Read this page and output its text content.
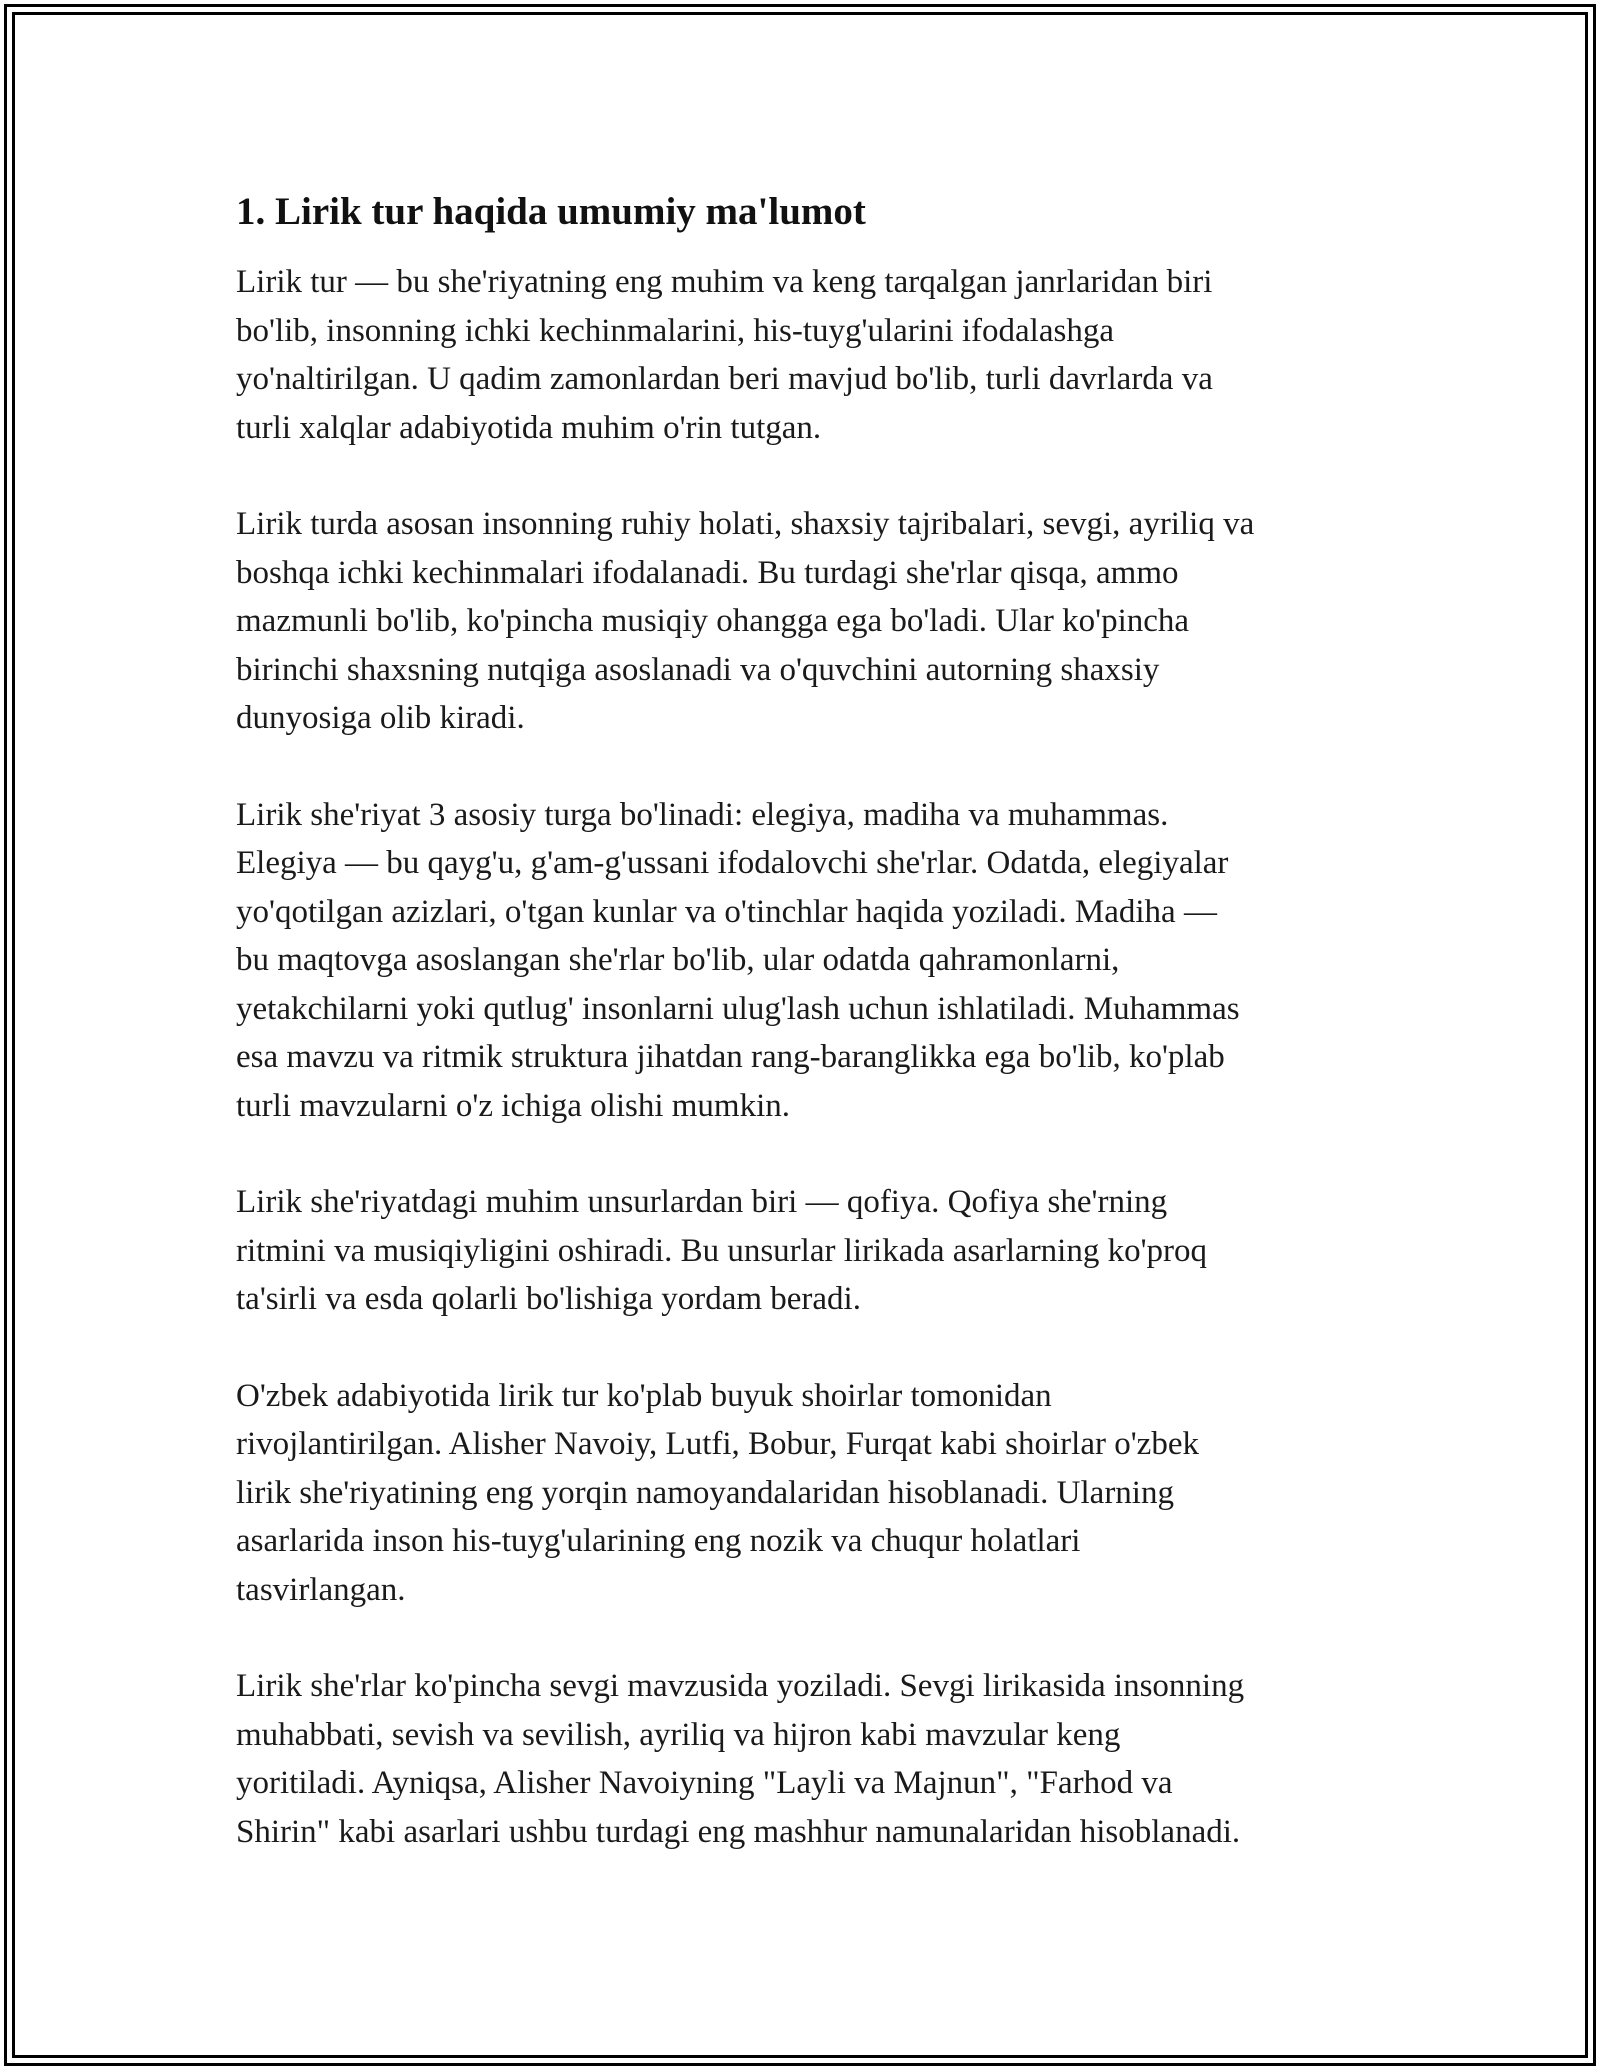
1. Lirik tur haqida umumiy ma'lumot

Lirik tur — bu she'riyatning eng muhim va keng tarqalgan janrlaridan biri
bo'lib, insonning ichki kechinmalarini, his-tuyg'ularini ifodalashga
yo'naltirilgan. U qadim zamonlardan beri mavjud bo'lib, turli davrlarda va
turli xalqlar adabiyotida muhim o'rin tutgan.

Lirik turda asosan insonning ruhiy holati, shaxsiy tajribalari, sevgi, ayriliq va
boshqa ichki kechinmalari ifodalanadi. Bu turdagi she'rlar qisqa, ammo
mazmunli bo'lib, ko'pincha musiqiy ohangga ega bo'ladi. Ular ko'pincha
birinchi shaxsning nutqiga asoslanadi va o'quvchini autorning shaxsiy
dunyosiga olib kiradi.

Lirik she'riyat 3 asosiy turga bo'linadi: elegiya, madiha va muhammas.
Elegiya — bu qayg'u, g'am-g'ussani ifodalovchi she'rlar. Odatda, elegiyalar
yo'qotilgan azizlari, o'tgan kunlar va o'tinchlar haqida yoziladi. Madiha —
bu maqtovga asoslangan she'rlar bo'lib, ular odatda qahramonlarni,
yetakchilarni yoki qutlug' insonlarni ulug'lash uchun ishlatiladi. Muhammas
esa mavzu va ritmik struktura jihatdan rang-baranglikka ega bo'lib, ko'plab
turli mavzularni o'z ichiga olishi mumkin.

Lirik she'riyatdagi muhim unsurlardan biri — qofiya. Qofiya she'rning
ritmini va musiqiyligini oshiradi. Bu unsurlar lirikada asarlarning ko'proq
ta'sirli va esda qolarli bo'lishiga yordam beradi.

O'zbek adabiyotida lirik tur ko'plab buyuk shoirlar tomonidan
rivojlantirilgan. Alisher Navoiy, Lutfi, Bobur, Furqat kabi shoirlar o'zbek
lirik she'riyatining eng yorqin namoyandalaridan hisoblanadi. Ularning
asarlarida inson his-tuyg'ularining eng nozik va chuqur holatlari
tasvirlangan.

Lirik she'rlar ko'pincha sevgi mavzusida yoziladi. Sevgi lirikasida insonning
muhabbati, sevish va sevilish, ayriliq va hijron kabi mavzular keng
yoritiladi. Ayniqsa, Alisher Navoiyning "Layli va Majnun", "Farhod va
Shirin" kabi asarlari ushbu turdagi eng mashhur namunalaridan hisoblanadi.
